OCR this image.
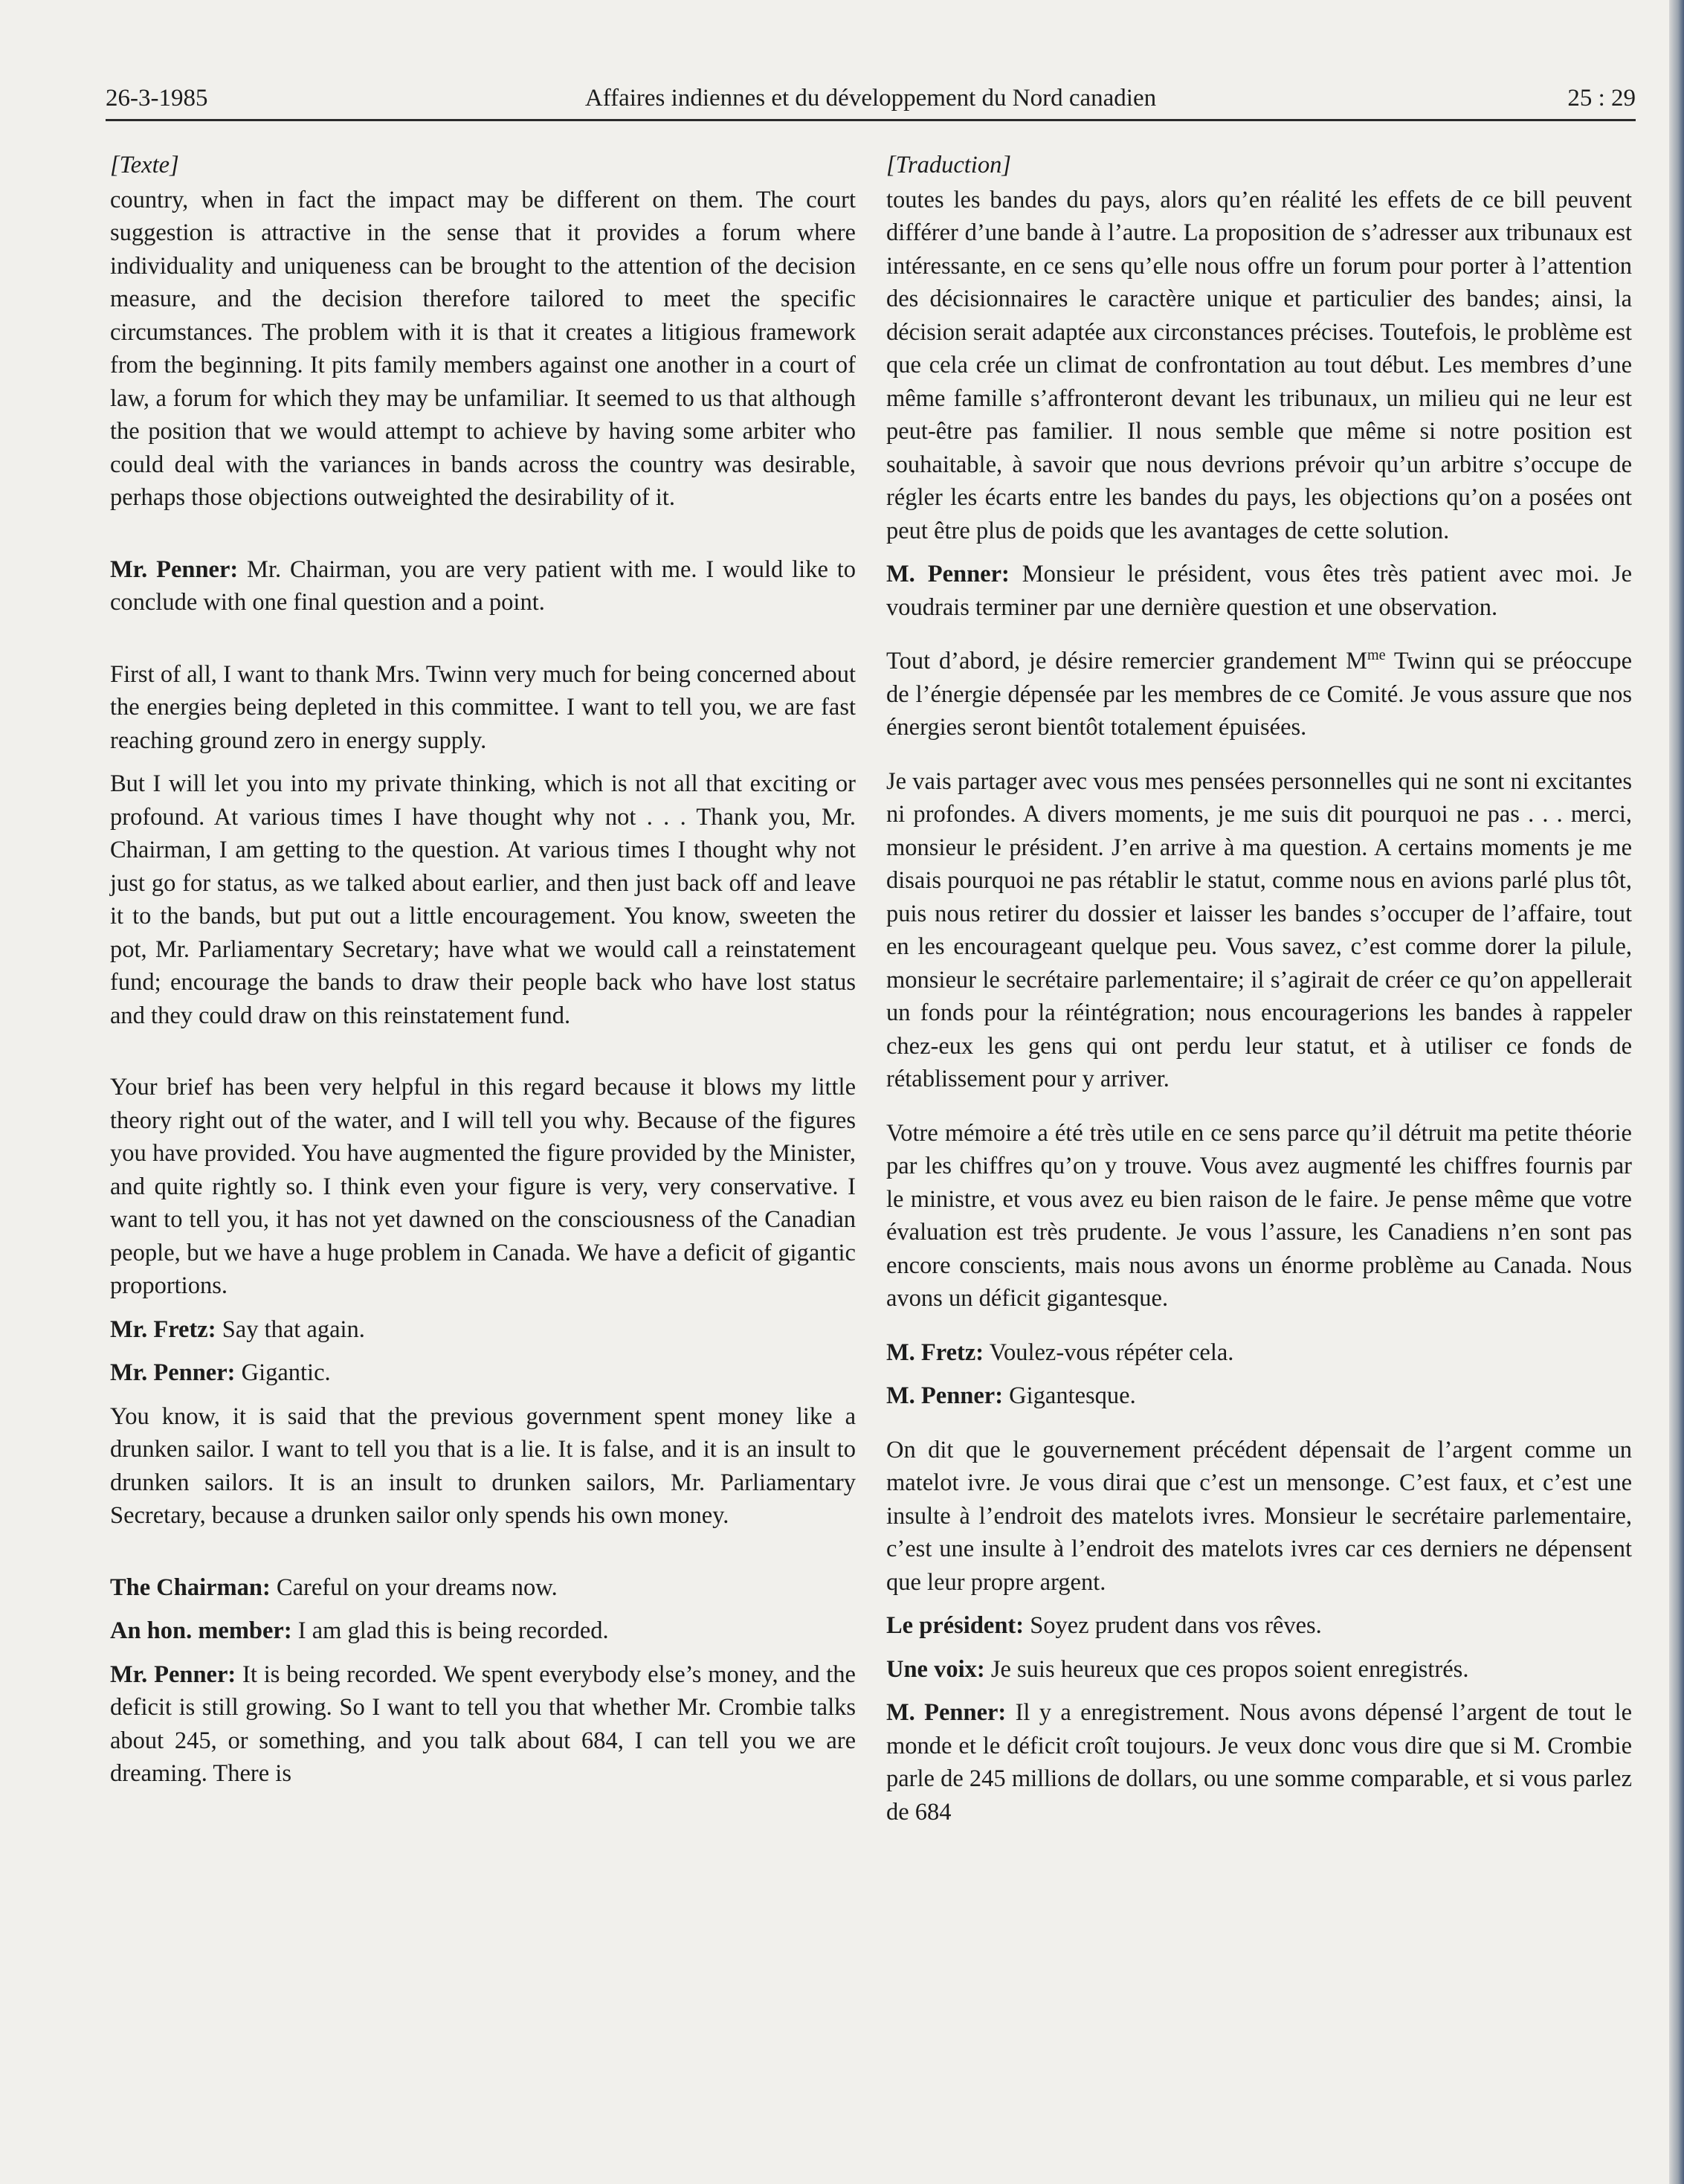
26-3-1985	Affaires indiennes et du développement du Nord canadien	25 : 29
[Texte]

country, when in fact the impact may be different on them. The court suggestion is attractive in the sense that it provides a forum where individuality and uniqueness can be brought to the attention of the decision measure, and the decision therefore tailored to meet the specific circumstances. The problem with it is that it creates a litigious framework from the beginning. It pits family members against one another in a court of law, a forum for which they may be unfamiliar. It seemed to us that although the position that we would attempt to achieve by having some arbiter who could deal with the variances in bands across the country was desirable, perhaps those objections outweighted the desirability of it.

Mr. Penner: Mr. Chairman, you are very patient with me. I would like to conclude with one final question and a point.

First of all, I want to thank Mrs. Twinn very much for being concerned about the energies being depleted in this committee. I want to tell you, we are fast reaching ground zero in energy supply.

But I will let you into my private thinking, which is not all that exciting or profound. At various times I have thought why not . . . Thank you, Mr. Chairman, I am getting to the question. At various times I thought why not just go for status, as we talked about earlier, and then just back off and leave it to the bands, but put out a little encouragement. You know, sweeten the pot, Mr. Parliamentary Secretary; have what we would call a reinstatement fund; encourage the bands to draw their people back who have lost status and they could draw on this reinstatement fund.

Your brief has been very helpful in this regard because it blows my little theory right out of the water, and I will tell you why. Because of the figures you have provided. You have augmented the figure provided by the Minister, and quite rightly so. I think even your figure is very, very conservative. I want to tell you, it has not yet dawned on the consciousness of the Canadian people, but we have a huge problem in Canada. We have a deficit of gigantic proportions.

Mr. Fretz: Say that again.

Mr. Penner: Gigantic.

You know, it is said that the previous government spent money like a drunken sailor. I want to tell you that is a lie. It is false, and it is an insult to drunken sailors. It is an insult to drunken sailors, Mr. Parliamentary Secretary, because a drunken sailor only spends his own money.

The Chairman: Careful on your dreams now.

An hon. member: I am glad this is being recorded.

Mr. Penner: It is being recorded. We spent everybody else’s money, and the deficit is still growing. So I want to tell you that whether Mr. Crombie talks about 245, or something, and you talk about 684, I can tell you we are dreaming. There is

[Traduction]

toutes les bandes du pays, alors qu’en réalité les effets de ce bill peuvent différer d’une bande à l’autre. La proposition de s’adresser aux tribunaux est intéressante, en ce sens qu’elle nous offre un forum pour porter à l’attention des décisionnaires le caractère unique et particulier des bandes; ainsi, la décision serait adaptée aux circonstances précises. Toutefois, le problème est que cela crée un climat de confrontation au tout début. Les membres d’une même famille s’affronteront devant les tribunaux, un milieu qui ne leur est peut-être pas familier. Il nous semble que même si notre position est souhaitable, à savoir que nous devrions prévoir qu’un arbitre s’occupe de régler les écarts entre les bandes du pays, les objections qu’on a posées ont peut être plus de poids que les avantages de cette solution.

M. Penner: Monsieur le président, vous êtes très patient avec moi. Je voudrais terminer par une dernière question et une observation.

Tout d’abord, je désire remercier grandement $M^{me}$ Twinn qui se préoccupe de l’énergie dépensée par les membres de ce Comité. Je vous assure que nos énergies seront bientôt totalement épuisées.

Je vais partager avec vous mes pensées personnelles qui ne sont ni excitantes ni profondes. A divers moments, je me suis dit pourquoi ne pas . . . merci, monsieur le président. J’en arrive à ma question. A certains moments je me disais pourquoi ne pas rétablir le statut, comme nous en avions parlé plus tôt, puis nous retirer du dossier et laisser les bandes s’occuper de l’affaire, tout en les encourageant quelque peu. Vous savez, c’est comme dorer la pilule, monsieur le secrétaire parlementaire; il s’agirait de créer ce qu’on appellerait un fonds pour la réintégration; nous encouragerions les bandes à rappeler chez-eux les gens qui ont perdu leur statut, et à utiliser ce fonds de rétablissement pour y arriver.

Votre mémoire a été très utile en ce sens parce qu’il détruit ma petite théorie par les chiffres qu’on y trouve. Vous avez augmenté les chiffres fournis par le ministre, et vous avez eu bien raison de le faire. Je pense même que votre évaluation est très prudente. Je vous l’assure, les Canadiens n’en sont pas encore conscients, mais nous avons un énorme problème au Canada. Nous avons un déficit gigantesque.

M. Fretz: Voulez-vous répéter cela.

M. Penner: Gigantesque.

On dit que le gouvernement précédent dépensait de l’argent comme un matelot ivre. Je vous dirai que c’est un mensonge. C’est faux, et c’est une insulte à l’endroit des matelots ivres. Monsieur le secrétaire parlementaire, c’est une insulte à l’endroit des matelots ivres car ces derniers ne dépensent que leur propre argent.

Le président: Soyez prudent dans vos rêves.

Une voix: Je suis heureux que ces propos soient enregistrés.

M. Penner: Il y a enregistrement. Nous avons dépensé l’argent de tout le monde et le déficit croît toujours. Je veux donc vous dire que si M. Crombie parle de 245 millions de dollars, ou une somme comparable, et si vous parlez de 684
